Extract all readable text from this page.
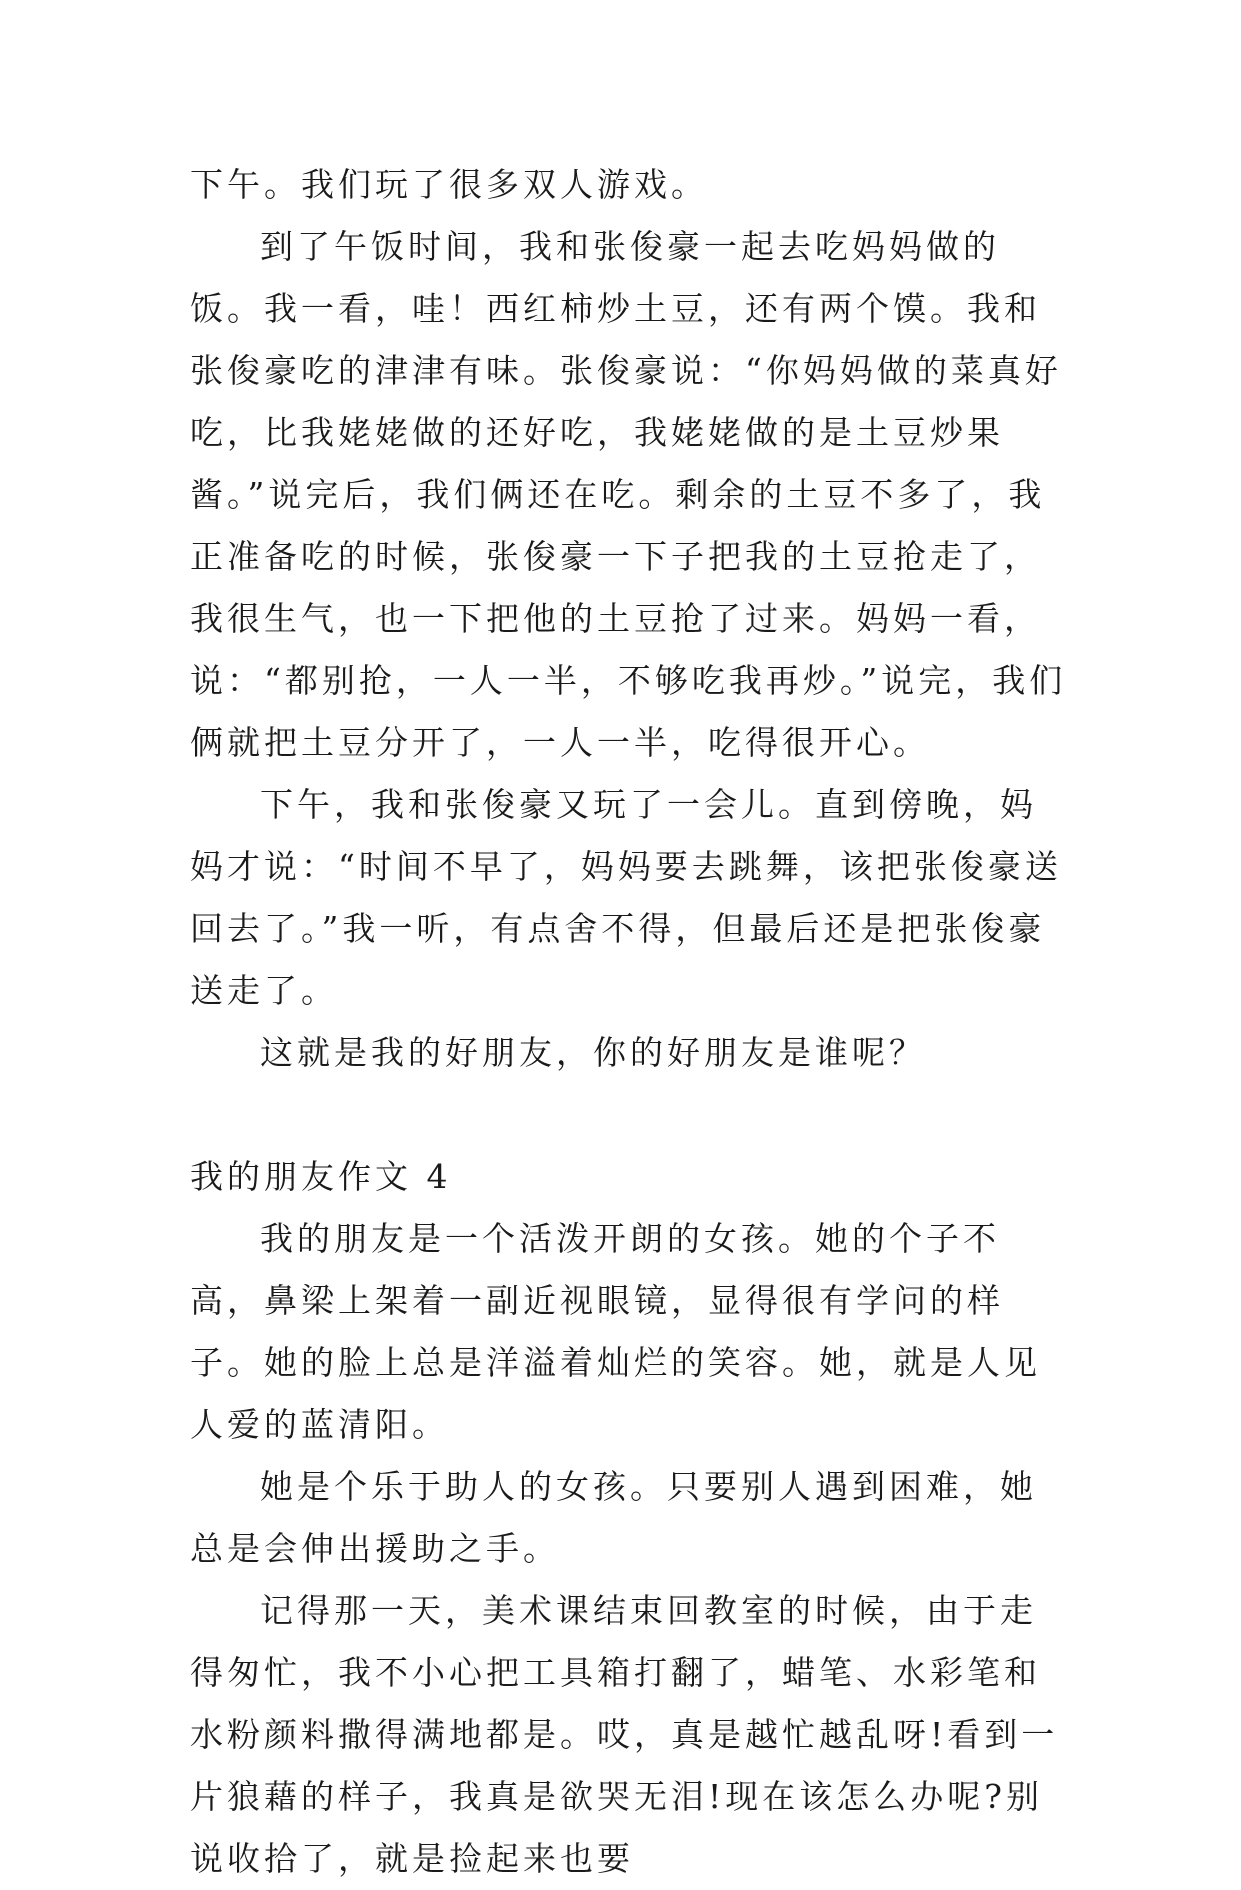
下午。我们玩了很多双人游戏。

到了午饭时间，我和张俊豪一起去吃妈妈做的饭。我一看，哇！西红柿炒土豆，还有两个馍。我和张俊豪吃的津津有味。张俊豪说：“你妈妈做的菜真好吃，比我姥姥做的还好吃，我姥姥做的是土豆炒果酱。”说完后，我们俩还在吃。剩余的土豆不多了，我正准备吃的时候，张俊豪一下子把我的土豆抢走了，我很生气，也一下把他的土豆抢了过来。妈妈一看，说：“都别抢，一人一半，不够吃我再炒。”说完，我们俩就把土豆分开了，一人一半，吃得很开心。

下午，我和张俊豪又玩了一会儿。直到傍晚，妈妈才说：“时间不早了，妈妈要去跳舞，该把张俊豪送回去了。”我一听，有点舍不得，但最后还是把张俊豪送走了。

这就是我的好朋友，你的好朋友是谁呢？

我的朋友作文 4

我的朋友是一个活泼开朗的女孩。她的个子不高，鼻梁上架着一副近视眼镜，显得很有学问的样子。她的脸上总是洋溢着灿烂的笑容。她，就是人见人爱的蓝清阳。

她是个乐于助人的女孩。只要别人遇到困难，她总是会伸出援助之手。

记得那一天，美术课结束回教室的时候，由于走得匆忙，我不小心把工具箱打翻了，蜡笔、水彩笔和水粉颜料撒得满地都是。哎，真是越忙越乱呀!看到一片狼藉的样子，我真是欲哭无泪!现在该怎么办呢?别说收拾了，就是捡起来也要
